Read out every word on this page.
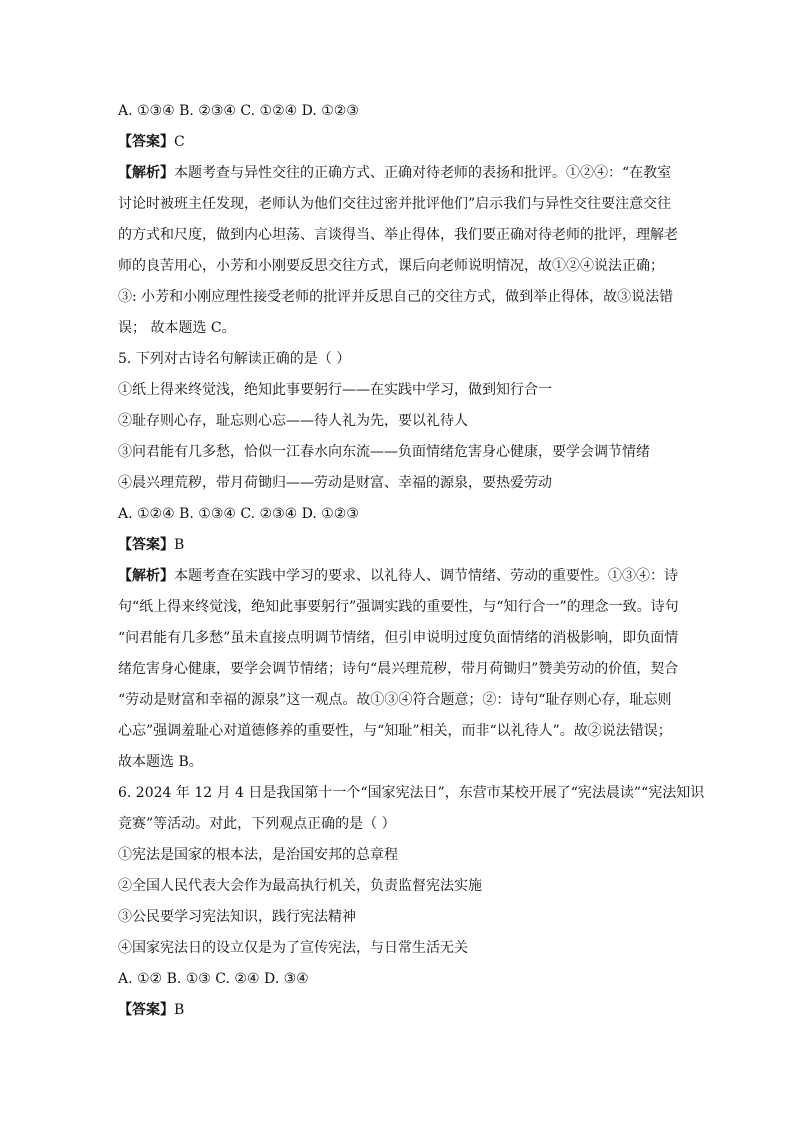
A. ①③④ B. ②③④ C. ①②④ D. ①②③
【答案】C
【解析】本题考查与异性交往的正确方式、正确对待老师的表扬和批评。①②④：“在教室
讨论时被班主任发现，老师认为他们交往过密并批评他们”启示我们与异性交往要注意交往
的方式和尺度，做到内心坦荡、言谈得当、举止得体，我们要正确对待老师的批评，理解老
师的良苦用心，小芳和小刚要反思交往方式，课后向老师说明情况，故①②④说法正确；
③: 小芳和小刚应理性接受老师的批评并反思自己的交往方式，做到举止得体，故③说法错
误； 故本题选 C。
5. 下列对古诗名句解读正确的是（ ）
①纸上得来终觉浅，绝知此事要躬行——在实践中学习，做到知行合一
②耻存则心存，耻忘则心忘——待人礼为先，要以礼待人
③问君能有几多愁，恰似一江春水向东流——负面情绪危害身心健康，要学会调节情绪
④晨兴理荒秽，带月荷锄归——劳动是财富、幸福的源泉，要热爱劳动
A. ①②④ B. ①③④ C. ②③④ D. ①②③
【答案】B
【解析】本题考查在实践中学习的要求、以礼待人、调节情绪、劳动的重要性。①③④：诗
句“纸上得来终觉浅，绝知此事要躬行”强调实践的重要性，与“知行合一”的理念一致。诗句
“问君能有几多愁”虽未直接点明调节情绪，但引申说明过度负面情绪的消极影响，即负面情
绪危害身心健康，要学会调节情绪；诗句“晨兴理荒秽，带月荷锄归”赞美劳动的价值，契合
“劳动是财富和幸福的源泉”这一观点。故①③④符合题意；②：诗句“耻存则心存，耻忘则
心忘”强调羞耻心对道德修养的重要性，与“知耻”相关，而非“以礼待人”。故②说法错误；
故本题选 B。
6. 2024 年 12 月 4 日是我国第十一个“国家宪法日”，东营市某校开展了“宪法晨读”“宪法知识
竞赛”等活动。对此，下列观点正确的是（ ）
①宪法是国家的根本法，是治国安邦的总章程
②全国人民代表大会作为最高执行机关，负责监督宪法实施
③公民要学习宪法知识，践行宪法精神
④国家宪法日的设立仅是为了宣传宪法，与日常生活无关
A. ①② B. ①③ C. ②④ D. ③④
【答案】B
